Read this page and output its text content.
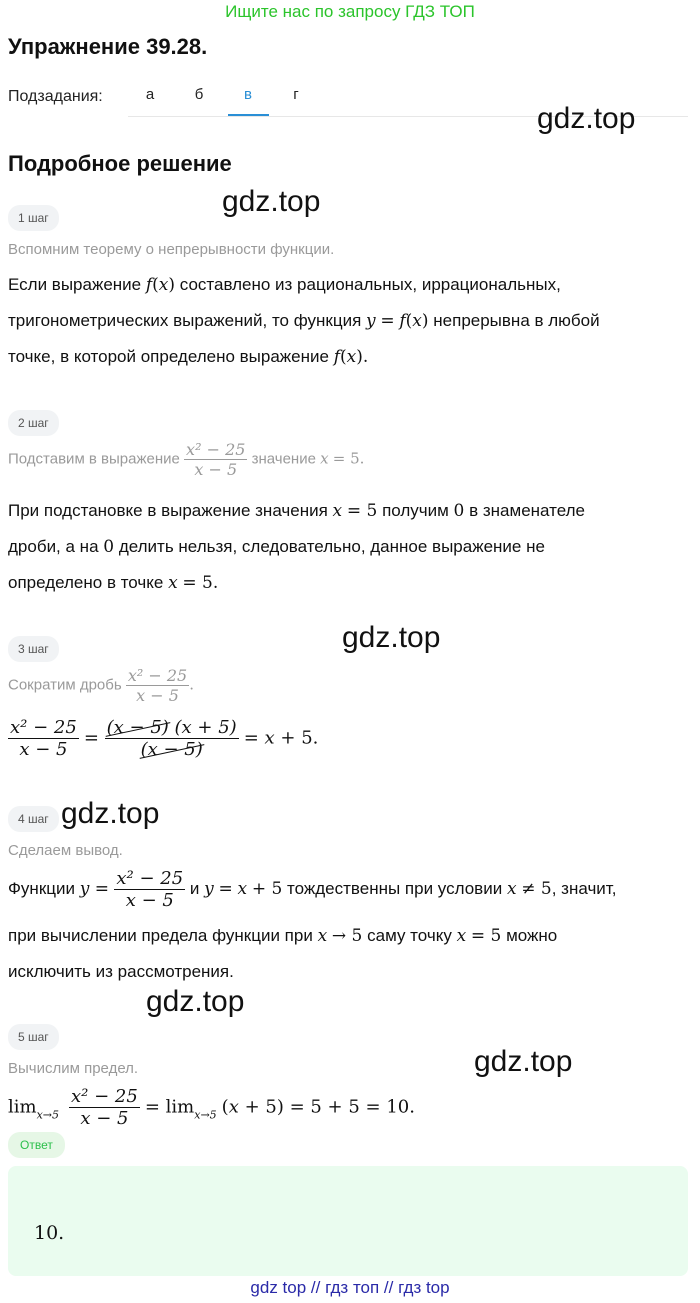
Ищите нас по запросу ГДЗ ТОП
Упражнение 39.28.
Подзадания:	а	б	в	г
gdz.top
gdz.top
gdz.top
gdz.top
gdz.top
gdz.top
Подробное решение
1 шаг
Вспомним теорему о непрерывности функции.
Если выражение f(x) составлено из рациональных, иррациональных,
тригонометрических выражений, то функция y = f(x) непрерывна в любой
точке, в которой определено выражение f(x).
2 шаг
Подставим в выражение $\frac{\text{x² − 25}}{x - 5}$ значение x = 5.
При подстановке в выражение значения x = 5 получим 0 в знаменателе
дроби, а на 0 делить нельзя, следовательно, данное выражение не
определено в точке x = 5.
3 шаг
Сократим дробь $\frac{\text{x² − 25}}{x - 5}$ .
$\frac{\text{x² − 25}}{x - 5} = \frac{(x - 5) (x + 5)}{(x - 5)} = x + 5$.
4 шаг
Сделаем вывод.
Функции $y = \frac{\text{x² − 25}}{x - 5}$ и y = x + 5 тождественны при условии x ≠ 5, значит,
при вычислении предела функции при x → 5 саму точку x = 5 можно
исключить из рассмотрения.
5 шаг
Вычислим предел.
$\lim_{x\to 5} \frac{\text{x² − 25}}{x - 5} = \lim_{x\to 5} (x + 5) = 5 + 5 = 10$.
Ответ
10.
gdz top // гдз топ // гдз top
